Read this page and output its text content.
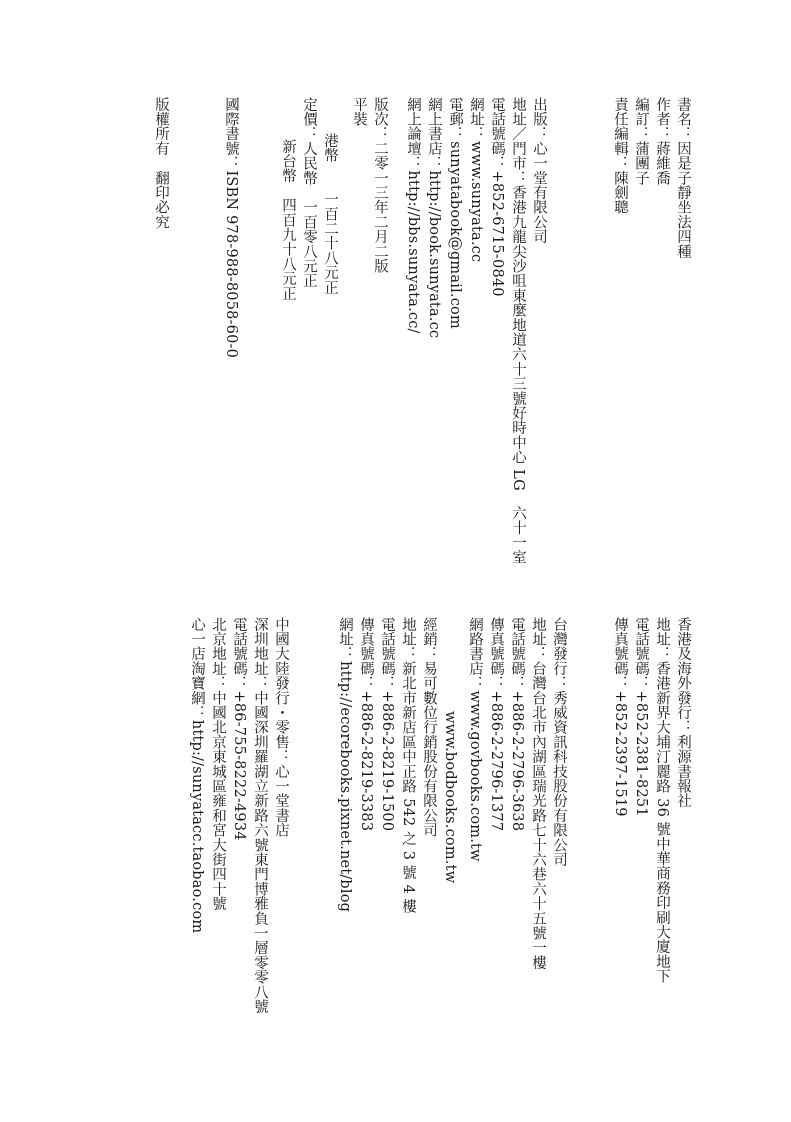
書名：因是子靜坐法四種
作者：蔣維喬
編訂：蒲團子
責任編輯：陳劍聰
出版：心一堂有限公司
地址／門市：香港九龍尖沙咀東麼地道六十三號好時中心 LG　六十一室
電話號碼：+852-6715-0840
網址：www.sunyata.cc
電郵：sunyatabook@gmail.com
網上書店：http://book.sunyata.cc
網上論壇：http://bbs.sunyata.cc/
版次：二零一三年二月二版
平裝
港幣　　一百二十八元正
定價：人民幣　一百零八元正
新台幣　四百九十八元正
國際書號：ISBN 978-988-8058-60-0
版權所有　翻印必究
香港及海外發行：利源書報社
地址：香港新界大埔汀麗路 36 號中華商務印刷大廈地下
電話號碼：+852-2381-8251
傳真號碼：+852-2397-1519
台灣發行：秀威資訊科技股份有限公司
地址：台灣台北市內湖區瑞光路七十六巷六十五號一樓
電話號碼：+886-2-2796-3638
傳真號碼：+886-2-2796-1377
網路書店：www.govbooks.com.tw
www.bodbooks.com.tw
經銷：易可數位行銷股份有限公司
地址：新北市新店區中正路 542 之 3 號 4 樓
電話號碼：+886-2-8219-1500
傳真號碼：+886-2-8219-3383
網址：http://ecorebooks.pixnet.net/blog
中國大陸發行・零售：心一堂書店
深圳地址：中國深圳羅湖立新路六號東門博雅負一層零零八號
電話號碼：+86-755-8222-4934
北京地址：中國北京東城區雍和宮大街四十號
心一店淘寶網：http://sunyatacc.taobao.com
